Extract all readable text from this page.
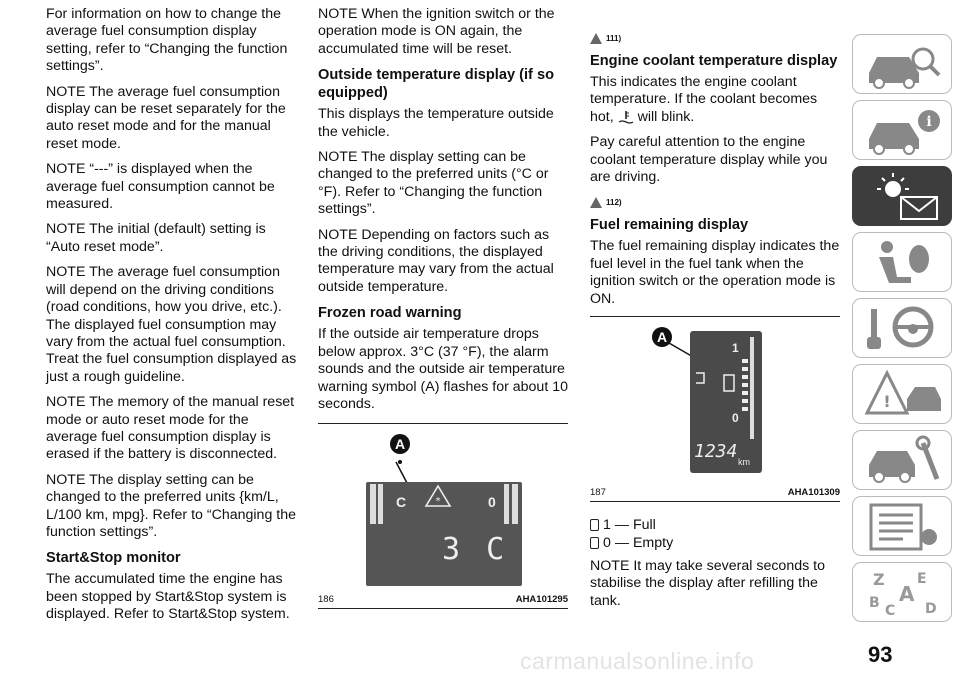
For information on how to change the average fuel consumption display setting, refer to “Changing the function settings”.

NOTE The average fuel consumption display can be reset separately for the auto reset mode and for the manual reset mode.

NOTE “---” is displayed when the average fuel consumption cannot be measured.

NOTE The initial (default) setting is “Auto reset mode”.

NOTE The average fuel consumption will depend on the driving conditions (road conditions, how you drive, etc.). The displayed fuel consumption may vary from the actual fuel consumption. Treat the fuel consumption displayed as just a rough guideline.

NOTE The memory of the manual reset mode or auto reset mode for the average fuel consumption display is erased if the battery is disconnected.

NOTE The display setting can be changed to the preferred units {km/L, L/100 km, mpg}. Refer to “Changing the function settings”.

Start&Stop monitor

The accumulated time the engine has been stopped by Start&Stop system is displayed. Refer to Start&Stop system.

NOTE When the ignition switch or the operation mode is ON again, the accumulated time will be reset.

Outside temperature display (if so equipped)

This displays the temperature outside the vehicle.

NOTE The display setting can be changed to the preferred units (°C or °F). Refer to “Changing the function settings”.

NOTE Depending on factors such as the driving conditions, the displayed temperature may vary from the actual outside temperature.

Frozen road warning

If the outside air temperature drops below approx. 3°C (37 °F), the alarm sounds and the outside air temperature warning symbol (A) flashes for about 10 seconds.

*
A
C	0
3 C
186	AHA101295
111)
Engine coolant temperature display

This indicates the engine coolant temperature. If the coolant becomes hot, will blink.

Pay careful attention to the engine coolant temperature display while you are driving.

112)
Fuel remaining display

The fuel remaining display indicates the fuel level in the fuel tank when the ignition switch or the operation mode is ON.

A
1
0
1234 km
187	AHA101309
1 — Full
0 — Empty

NOTE It may take several seconds to stabilise the display after refilling the tank.

i
!
Z E
A
B C D
carmanualsonline.info	93
